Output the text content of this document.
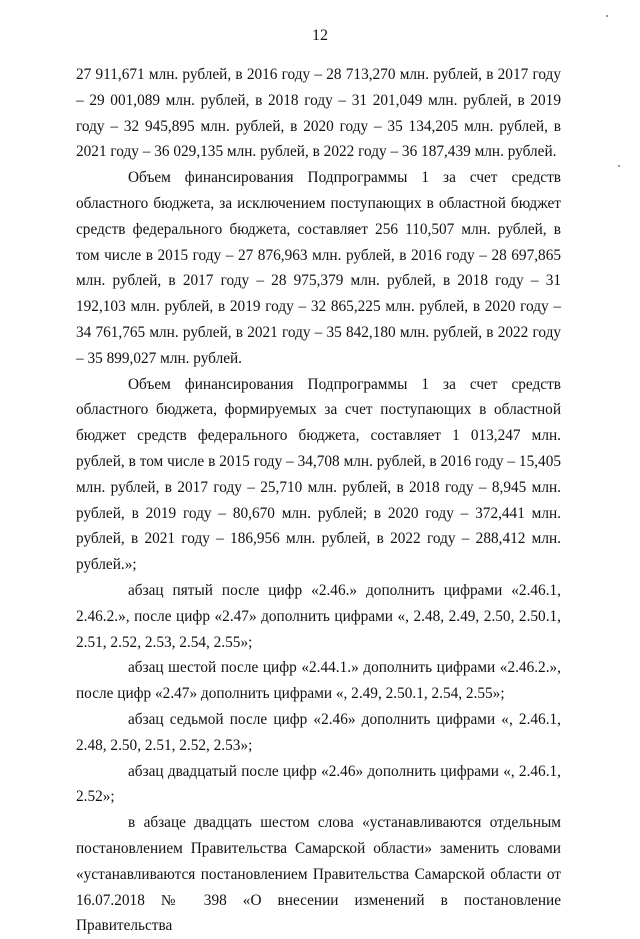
12

27 911,671 млн. рублей, в 2016 году – 28 713,270 млн. рублей, в 2017 году – 29 001,089 млн. рублей, в 2018 году – 31 201,049 млн. рублей, в 2019 году – 32 945,895 млн. рублей, в 2020 году – 35 134,205 млн. рублей, в 2021 году – 36 029,135 млн. рублей, в 2022 году – 36 187,439 млн. рублей.

Объем финансирования Подпрограммы 1 за счет средств областного бюджета, за исключением поступающих в областной бюджет средств федерального бюджета, составляет 256 110,507 млн. рублей, в том числе в 2015 году – 27 876,963 млн. рублей, в 2016 году – 28 697,865 млн. рублей, в 2017 году – 28 975,379 млн. рублей, в 2018 году – 31 192,103 млн. рублей, в 2019 году – 32 865,225 млн. рублей, в 2020 году – 34 761,765 млн. рублей, в 2021 году – 35 842,180 млн. рублей, в 2022 году – 35 899,027 млн. рублей.

Объем финансирования Подпрограммы 1 за счет средств областного бюджета, формируемых за счет поступающих в областной бюджет средств федерального бюджета, составляет 1 013,247 млн. рублей, в том числе в 2015 году – 34,708 млн. рублей, в 2016 году – 15,405 млн. рублей, в 2017 году – 25,710 млн. рублей, в 2018 году – 8,945 млн. рублей, в 2019 году – 80,670 млн. рублей; в 2020 году – 372,441 млн. рублей, в 2021 году – 186,956 млн. рублей, в 2022 году – 288,412 млн. рублей.»;

абзац пятый после цифр «2.46.» дополнить цифрами «2.46.1, 2.46.2.», после цифр «2.47» дополнить цифрами «, 2.48, 2.49, 2.50, 2.50.1, 2.51, 2.52, 2.53, 2.54, 2.55»;

абзац шестой после цифр «2.44.1.» дополнить цифрами «2.46.2.», после цифр «2.47» дополнить цифрами «, 2.49, 2.50.1, 2.54, 2.55»;

абзац седьмой после цифр «2.46» дополнить цифрами «, 2.46.1, 2.48, 2.50, 2.51, 2.52, 2.53»;

абзац двадцатый после цифр «2.46» дополнить цифрами «, 2.46.1, 2.52»;

в абзаце двадцать шестом слова «устанавливаются отдельным постановлением Правительства Самарской области» заменить словами «устанавливаются постановлением Правительства Самарской области от 16.07.2018 № 398 «О внесении изменений в постановление Правительства
